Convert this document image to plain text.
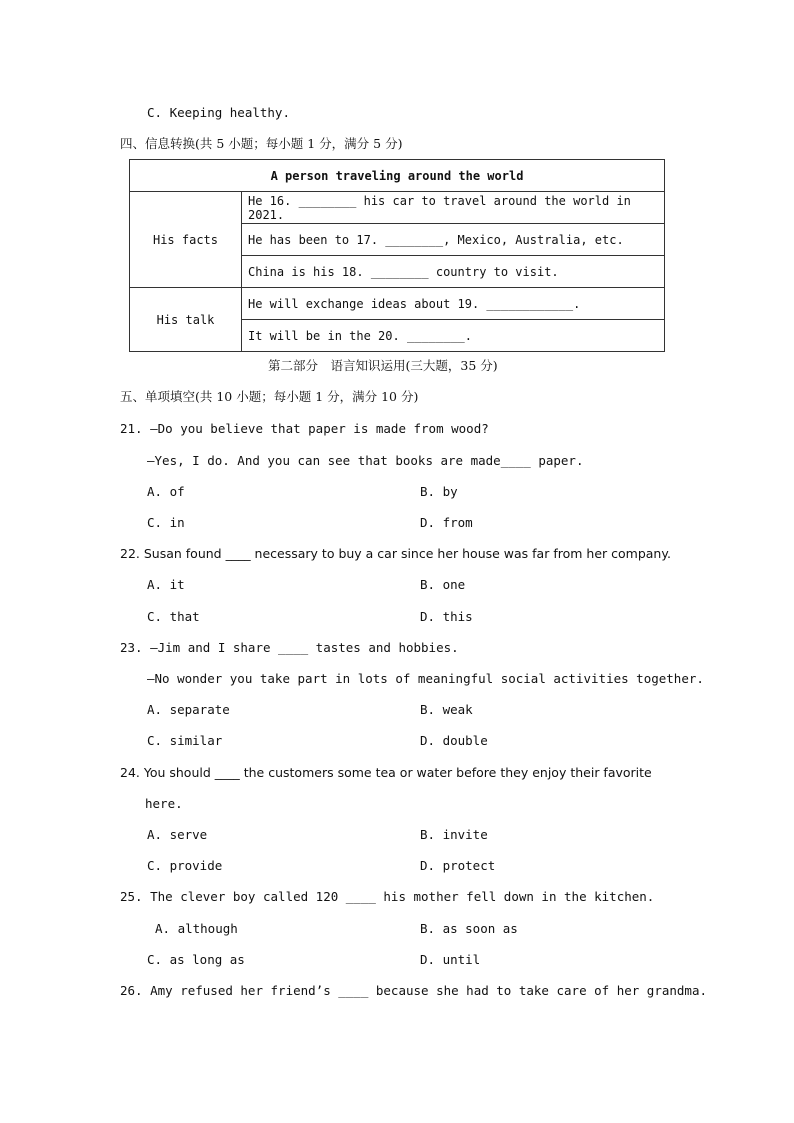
C. Keeping healthy.
四、信息转换(共 5 小题；每小题 1 分，满分 5 分)
A person traveling around the world	
His facts	He 16. ________ his car to travel around the world in 2021.
	He has been to 17. ________, Mexico, Australia, etc.
	China is his 18. ________ country to visit.
His talk	He will exchange ideas about 19. ____________.
	It will be in the 20. ________.
第二部分　语言知识运用(三大题，35 分)
五、单项填空(共 10 小题；每小题 1 分，满分 10 分)
21. —Do you believe that paper is made from wood?
—Yes, I do. And you can see that books are made____ paper.
A. of	B. by
C. in	D. from
22. Susan found ____ necessary to buy a car since her house was far from her company.
A. it	B. one
C. that	D. this
23. —Jim and I share ____ tastes and hobbies.
—No wonder you take part in lots of meaningful social activities together.
A. separate	B. weak
C. similar	D. double
24. You should ____ the customers some tea or water before they enjoy their favorite
here.
A. serve	B. invite
C. provide	D. protect
25. The clever boy called 120 ____ his mother fell down in the kitchen.
A. although	B. as soon as
C. as long as	D. until
26. Amy refused her friend’s ____ because she had to take care of her grandma.
